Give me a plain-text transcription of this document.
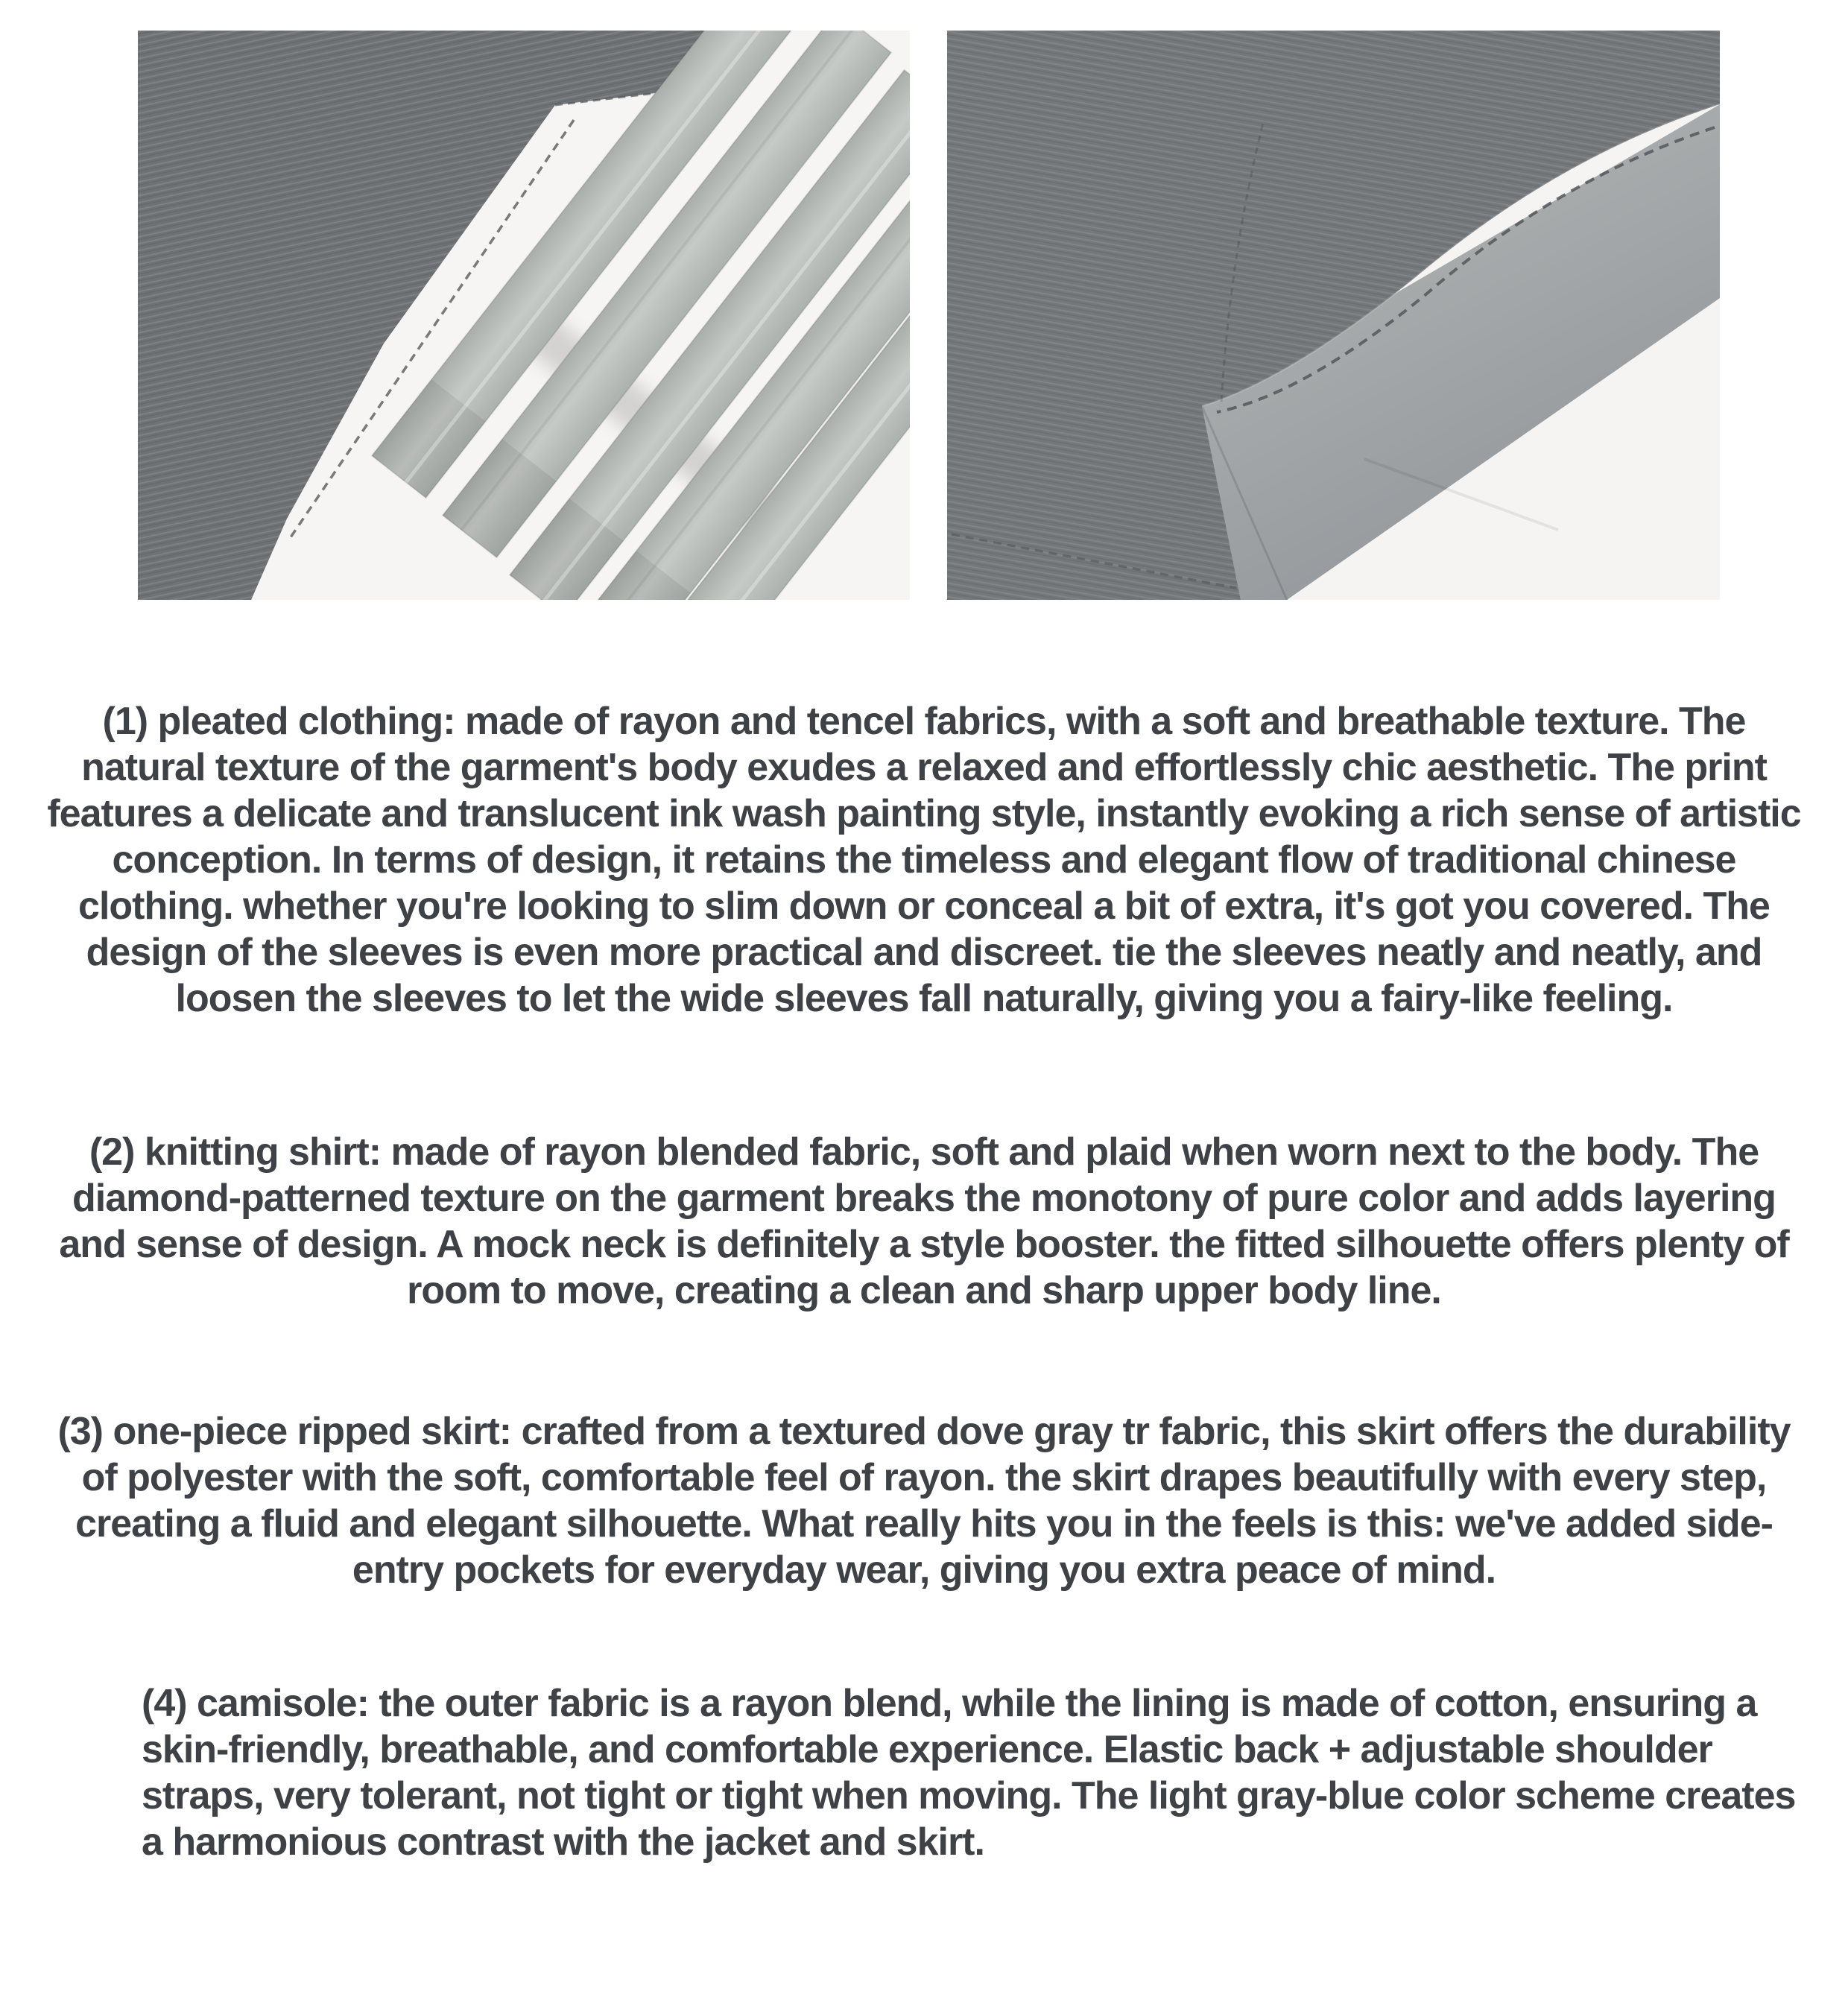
(1) pleated clothing: made of rayon and tencel fabrics, with a soft and breathable texture. The natural texture of the garment's body exudes a relaxed and effortlessly chic aesthetic. The print features a delicate and translucent ink wash painting style, instantly evoking a rich sense of artistic conception. In terms of design, it retains the timeless and elegant flow of traditional chinese clothing. whether you're looking to slim down or conceal a bit of extra, it's got you covered. The design of the sleeves is even more practical and discreet. tie the sleeves neatly and neatly, and loosen the sleeves to let the wide sleeves fall naturally, giving you a fairy-like feeling.
(2) knitting shirt: made of rayon blended fabric, soft and plaid when worn next to the body. The diamond-patterned texture on the garment breaks the monotony of pure color and adds layering and sense of design. A mock neck is definitely a style booster. the fitted silhouette offers plenty of room to move, creating a clean and sharp upper body line.
(3) one-piece ripped skirt: crafted from a textured dove gray tr fabric, this skirt offers the durability of polyester with the soft, comfortable feel of rayon. the skirt drapes beautifully with every step, creating a fluid and elegant silhouette. What really hits you in the feels is this: we've added side-entry pockets for everyday wear, giving you extra peace of mind.
(4) camisole: the outer fabric is a rayon blend, while the lining is made of cotton, ensuring a skin-friendly, breathable, and comfortable experience. Elastic back + adjustable shoulder straps, very tolerant, not tight or tight when moving. The light gray-blue color scheme creates a harmonious contrast with the jacket and skirt.
